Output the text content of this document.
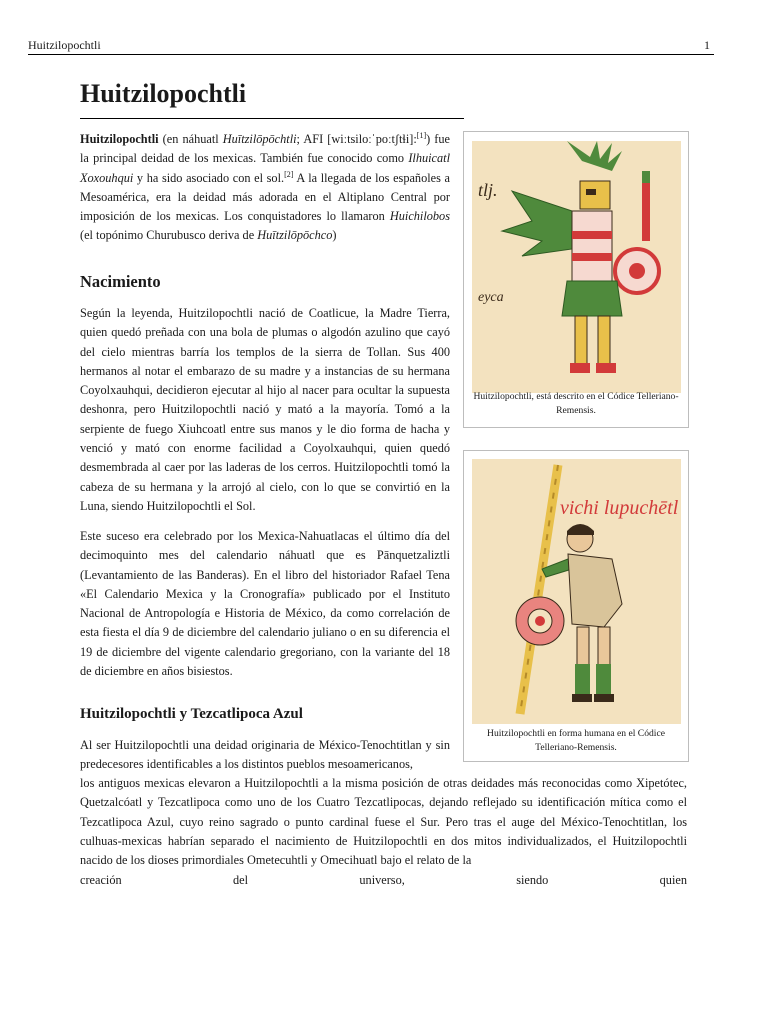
Huitzilopochtli	1
Huitzilopochtli

Huitzilopochtli (en náhuatl Huītzilōpōchtli; AFI [wiːtsiloːˈpoːtʃtɬi]:[1]) fue la principal deidad de los mexicas. También fue conocido como Ilhuicatl Xoxouhqui y ha sido asociado con el sol.[2] A la llegada de los españoles a Mesoamérica, era la deidad más adorada en el Altiplano Central por imposición de los mexicas. Los conquistadores lo llamaron Huichilobos (el topónimo Churubusco deriva de Huītzilōpōchco)

Nacimiento

Según la leyenda, Huitzilopochtli nació de Coatlicue, la Madre Tierra, quien quedó preñada con una bola de plumas o algodón azulino que cayó del cielo mientras barría los templos de la sierra de Tollan. Sus 400 hermanos al notar el embarazo de su madre y a instancias de su hermana Coyolxauhqui, decidieron ejecutar al hijo al nacer para ocultar la supuesta deshonra, pero Huitzilopochtli nació y mató a la mayoría. Tomó a la serpiente de fuego Xiuhcoatl entre sus manos y le dio forma de hacha y venció y mató con enorme facilidad a Coyolxauhqui, quien quedó desmembrada al caer por las laderas de los cerros. Huitzilopochtli tomó la cabeza de su hermana y la arrojó al cielo, con lo que se convirtió en la Luna, siendo Huitzilopochtli el Sol.

Este suceso era celebrado por los Mexica-Nahuatlacas el último día del decimoquinto mes del calendario náhuatl que es Pānquetzaliztli (Levantamiento de las Banderas). En el libro del historiador Rafael Tena «El Calendario Mexica y la Cronografía» publicado por el Instituto Nacional de Antropología e Historia de México, da como correlación de esta fiesta el día 9 de diciembre del calendario juliano o en su diferencia el 19 de diciembre del vigente calendario gregoriano, con la variante del 18 de diciembre en años bisiestos.

Huitzilopochtli y Tezcatlipoca Azul

Al ser Huitzilopochtli una deidad originaria de México-Tenochtitlan y sin predecesores identificables a los distintos pueblos mesoamericanos,

los antiguos mexicas elevaron a Huitzilopochtli a la misma posición de otras deidades más reconocidas como Xipetótec, Quetzalcóatl y Tezcatlipoca como uno de los Cuatro Tezcatlipocas, dejando reflejado su identificación mítica como el Tezcatlipoca Azul, cuyo reino sagrado o punto cardinal fuese el Sur. Pero tras el auge del México-Tenochtitlan, los culhuas-mexicas habrían separado el nacimiento de Huitzilopochtli en dos mitos individualizados, el Huitzilopochtli nacido de los dioses primordiales Ometecuhtli y Omecihuatl bajo el relato de la

creación	del	universo,	siendo	quien
tlj.
eyca
Huitzilopochtli, está descrito en el Códice Telleriano-Remensis.
vichi lupuchētl
Huitzilopochtli en forma humana en el Códice Telleriano-Remensis.
